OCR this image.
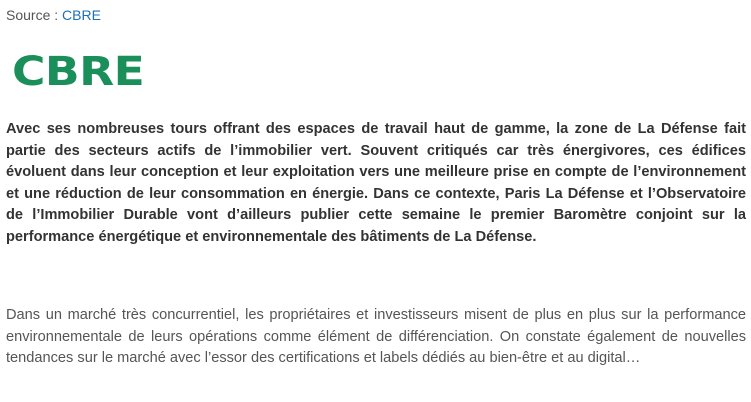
Source : CBRE
CBRE

Avec ses nombreuses tours offrant des espaces de travail haut de gamme, la zone de La Défense fait partie des secteurs actifs de l’immobilier vert. Souvent critiqués car très énergivores, ces édifices évoluent dans leur conception et leur exploitation vers une meilleure prise en compte de l’environnement et une réduction de leur consommation en énergie. Dans ce contexte, Paris La Défense et l’Observatoire de l’Immobilier Durable vont d’ailleurs publier cette semaine le premier Baromètre conjoint sur la performance énergétique et environnementale des bâtiments de La Défense.

Dans un marché très concurrentiel, les propriétaires et investisseurs misent de plus en plus sur la performance environnementale de leurs opérations comme élément de différenciation. On constate également de nouvelles tendances sur le marché avec l’essor des certifications et labels dédiés au bien-être et au digital…
